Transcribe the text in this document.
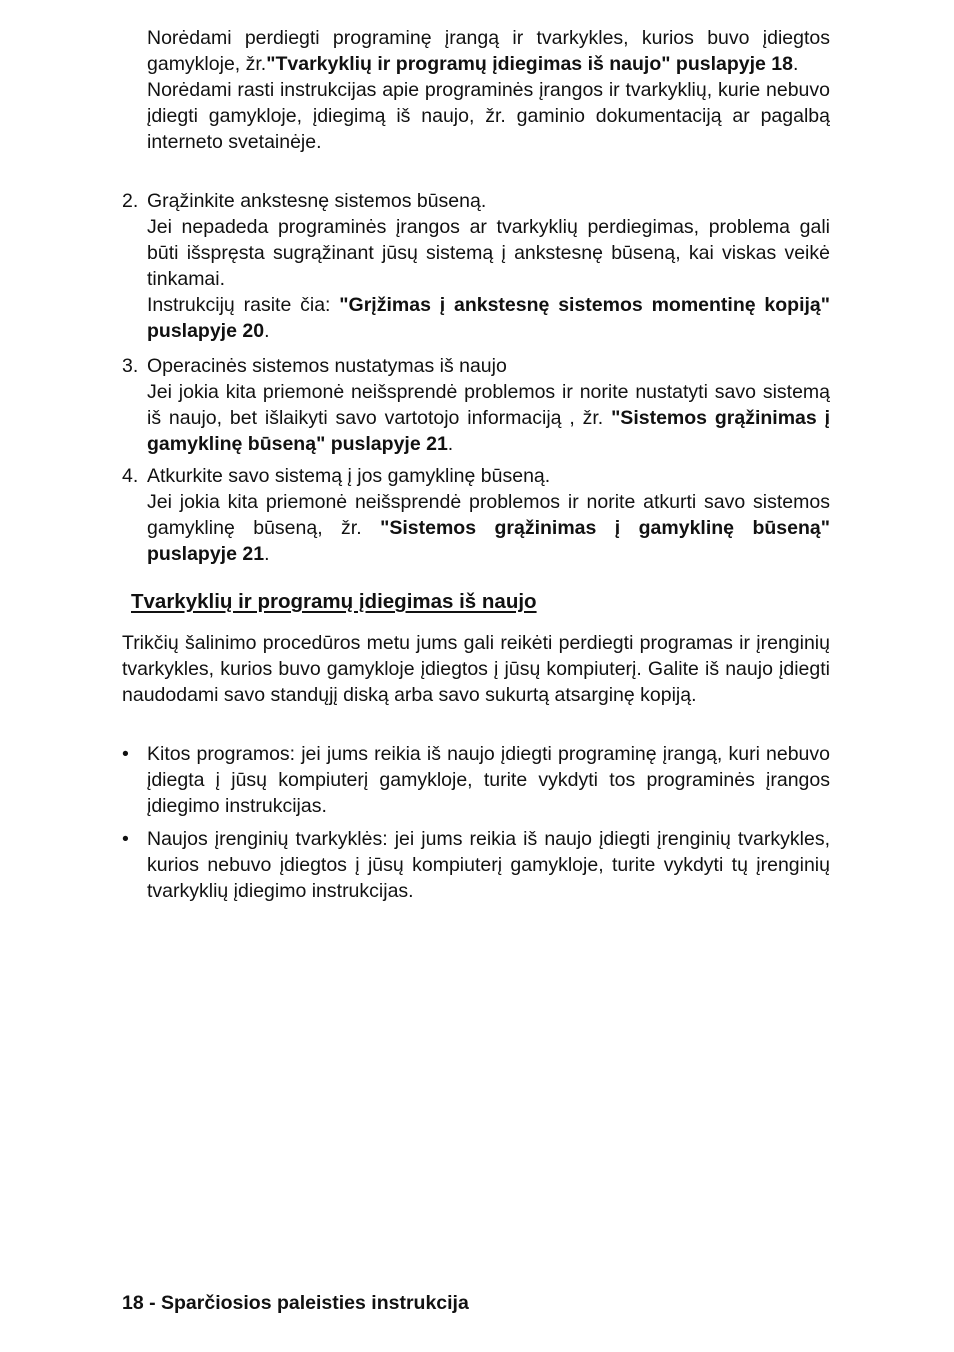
Norėdami perdiegti programinę įrangą ir tvarkykles, kurios buvo įdiegtos gamykloje, žr."Tvarkyklių ir programų įdiegimas iš naujo" puslapyje 18.

Norėdami rasti instrukcijas apie programinės įrangos ir tvarkyklių, kurie nebuvo įdiegti gamykloje, įdiegimą iš naujo, žr. gaminio dokumentaciją ar pagalbą interneto svetainėje.

2. Grąžinkite ankstesnę sistemos būseną.

Jei nepadeda programinės įrangos ar tvarkyklių perdiegimas, problema gali būti išspręsta sugrąžinant jūsų sistemą į ankstesnę būseną, kai viskas veikė tinkamai.

Instrukcijų rasite čia: "Grįžimas į ankstesnę sistemos momentinę kopiją" puslapyje 20.

3. Operacinės sistemos nustatymas iš naujo

Jei jokia kita priemonė neišsprendė problemos ir norite nustatyti savo sistemą iš naujo, bet išlaikyti savo vartotojo informaciją , žr. "Sistemos grąžinimas į gamyklinę būseną" puslapyje 21.

4. Atkurkite savo sistemą į jos gamyklinę būseną.

Jei jokia kita priemonė neišsprendė problemos ir norite atkurti savo sistemos gamyklinę būseną, žr. "Sistemos grąžinimas į gamyklinę būseną" puslapyje 21.

Tvarkyklių ir programų įdiegimas iš naujo

Trikčių šalinimo procedūros metu jums gali reikėti perdiegti programas ir įrenginių tvarkykles, kurios buvo gamykloje įdiegtos į jūsų kompiuterį. Galite iš naujo įdiegti naudodami savo standųjį diską arba savo sukurtą atsarginę kopiją.

• Kitos programos: jei jums reikia iš naujo įdiegti programinę įrangą, kuri nebuvo įdiegta į jūsų kompiuterį gamykloje, turite vykdyti tos programinės įrangos įdiegimo instrukcijas.
• Naujos įrenginių tvarkyklės: jei jums reikia iš naujo įdiegti įrenginių tvarkykles, kurios nebuvo įdiegtos į jūsų kompiuterį gamykloje, turite vykdyti tų įrenginių tvarkyklių įdiegimo instrukcijas.

18 - Sparčiosios paleisties instrukcija
